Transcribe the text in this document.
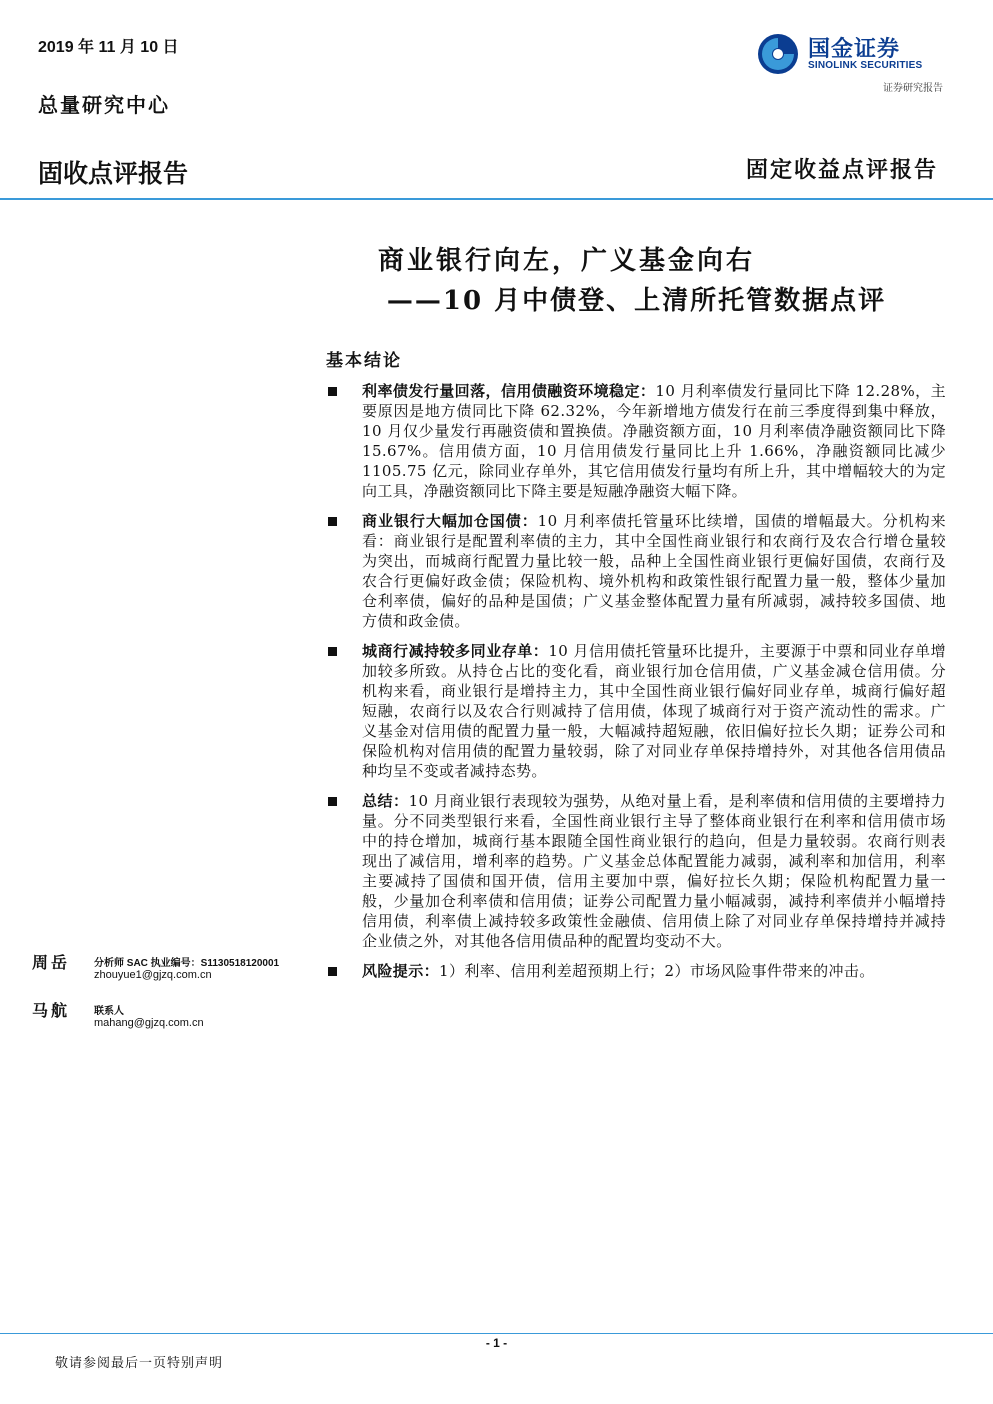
2019 年 11 月 10 日
总量研究中心
固收点评报告	固定收益点评报告
国金证券
SINOLINK SECURITIES
证券研究报告
商业银行向左，广义基金向右
——10 月中债登、上清所托管数据点评
基本结论
利率债发行量回落，信用债融资环境稳定：10 月利率债发行量同比下降 12.28%，主要原因是地方债同比下降 62.32%，今年新增地方债发行在前三季度得到集中释放，10 月仅少量发行再融资债和置换债。净融资额方面，10 月利率债净融资额同比下降 15.67%。信用债方面，10 月信用债发行量同比上升 1.66%，净融资额同比减少 1105.75 亿元，除同业存单外，其它信用债发行量均有所上升，其中增幅较大的为定向工具，净融资额同比下降主要是短融净融资大幅下降。
商业银行大幅加仓国债：10 月利率债托管量环比续增，国债的增幅最大。分机构来看：商业银行是配置利率债的主力，其中全国性商业银行和农商行及农合行增仓量较为突出，而城商行配置力量比较一般，品种上全国性商业银行更偏好国债，农商行及农合行更偏好政金债；保险机构、境外机构和政策性银行配置力量一般，整体少量加仓利率债，偏好的品种是国债；广义基金整体配置力量有所减弱，减持较多国债、地方债和政金债。
城商行减持较多同业存单：10 月信用债托管量环比提升，主要源于中票和同业存单增加较多所致。从持仓占比的变化看，商业银行加仓信用债，广义基金减仓信用债。分机构来看，商业银行是增持主力，其中全国性商业银行偏好同业存单，城商行偏好超短融，农商行以及农合行则减持了信用债，体现了城商行对于资产流动性的需求。广义基金对信用债的配置力量一般，大幅减持超短融，依旧偏好拉长久期；证券公司和保险机构对信用债的配置力量较弱，除了对同业存单保持增持外，对其他各信用债品种均呈不变或者减持态势。
总结：10 月商业银行表现较为强势，从绝对量上看，是利率债和信用债的主要增持力量。分不同类型银行来看，全国性商业银行主导了整体商业银行在利率和信用债市场中的持仓增加，城商行基本跟随全国性商业银行的趋向，但是力量较弱。农商行则表现出了减信用，增利率的趋势。广义基金总体配置能力减弱，减利率和加信用，利率主要减持了国债和国开债，信用主要加中票，偏好拉长久期；保险机构配置力量一般，少量加仓利率债和信用债；证券公司配置力量小幅减弱，减持利率债并小幅增持信用债，利率债上减持较多政策性金融债、信用债上除了对同业存单保持增持并减持企业债之外，对其他各信用债品种的配置均变动不大。
风险提示：1）利率、信用利差超预期上行；2）市场风险事件带来的冲击。
周岳 分析师 SAC 执业编号：S1130518120001
zhouyue1@gjzq.com.cn
马航 联系人
mahang@gjzq.com.cn
- 1 -
敬请参阅最后一页特别声明
